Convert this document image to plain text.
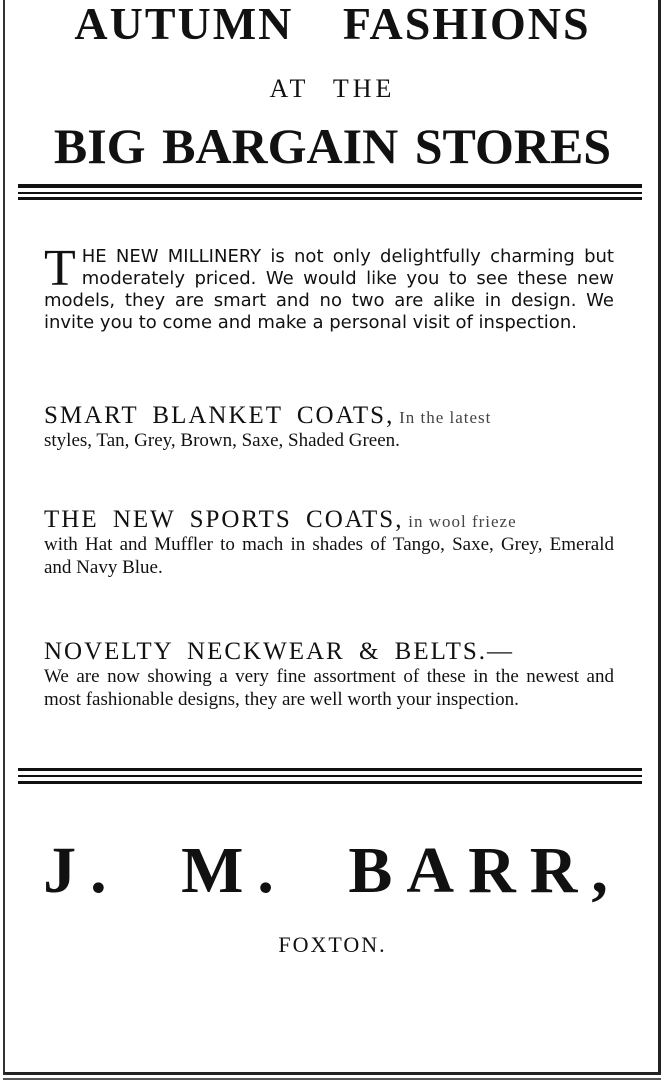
AUTUMN FASHIONS
AT THE
BIG BARGAIN STORES

THE NEW MILLINERY is not only delightfully charming but moderately priced. We would like you to see these new models, they are smart and no two are alike in design. We invite you to come and make a personal visit of inspection.

SMART BLANKET COATS, In the latest
styles, Tan, Grey, Brown, Saxe, Shaded Green.

THE NEW SPORTS COATS, in wool frieze
with Hat and Muffler to mach in shades of Tango, Saxe, Grey, Emerald and Navy Blue.

NOVELTY NECKWEAR & BELTS.—
We are now showing a very fine assortment of these in the newest and most fashionable designs, they are well worth your inspection.

J. M. BARR,
FOXTON.
